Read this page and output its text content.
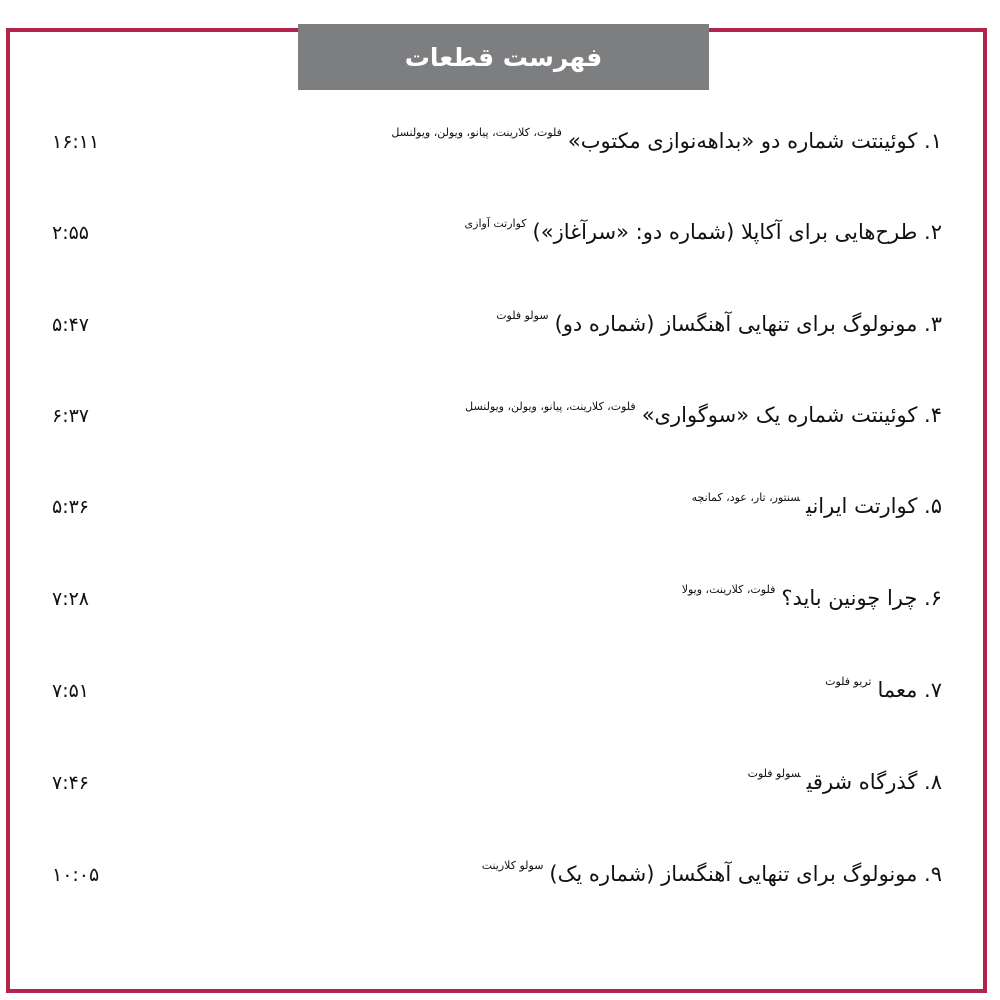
فهرست قطعات
۱. کوئینتت شماره دو «بداهه‌نوازی مکتوب»$^{فلوت، کلارینت، پیانو، ویولن، ویولنسل}$
۱۶:۱۱
۲. طرح‌هایی برای آکاپلا (شماره دو: «سرآغاز»)$^{کوارتت آوازی}$
۲:۵۵
۳. مونولوگ برای تنهایی آهنگساز (شماره دو)$^{سولو فلوت}$
۵:۴۷
۴. کوئینتت شماره یک «سوگواری»$^{فلوت، کلارینت، پیانو، ویولن، ویولنسل}$
۶:۳۷
۵. کوارتت ایرانی$^{سنتور، تار، عود، کمانچه}$
۵:۳۶
۶. چرا چونین باید؟$^{فلوت، کلارینت، ویولا}$
۷:۲۸
۷. معما$^{تریو فلوت}$
۷:۵۱
۸. گذرگاه شرقی$^{سولو فلوت}$
۷:۴۶
۹. مونولوگ برای تنهایی آهنگساز (شماره یک)$^{سولو کلارینت}$
۱۰:۰۵
